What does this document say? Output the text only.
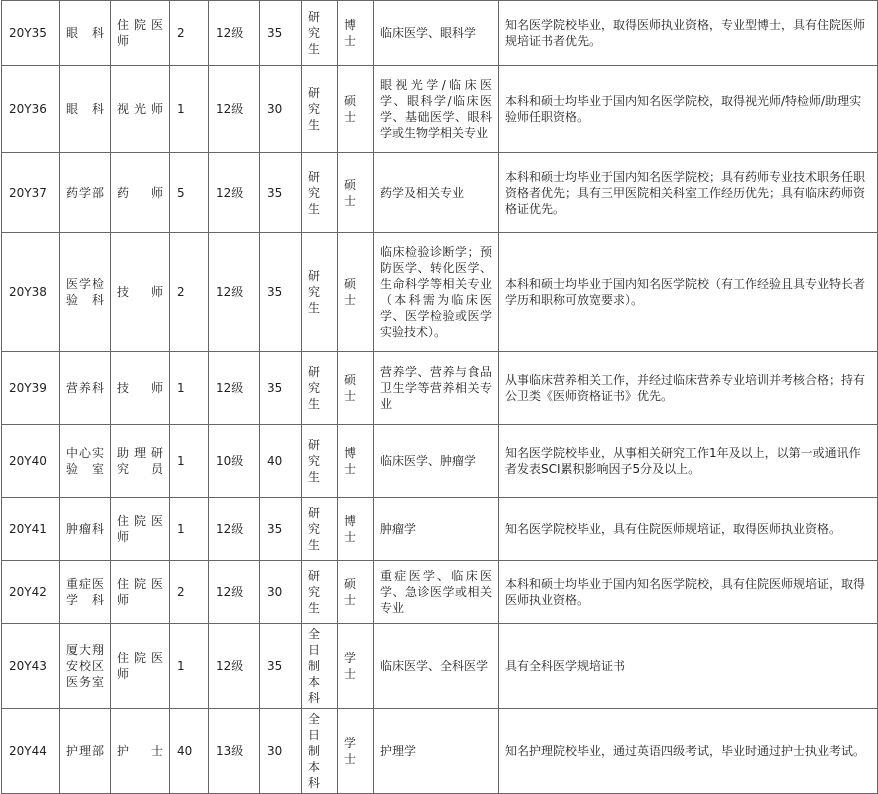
20Y35	眼科	住院医师	2	12级	35	研究生	博士	临床医学、眼科学	知名医学院校毕业，取得医师执业资格，专业型博士，具有住院医师规培证书者优先。
20Y36	眼科	视光师	1	12级	30	研究生	硕士	眼视光学/临床医学、眼科学/临床医学、基础医学、眼科学或生物学相关专业	本科和硕士均毕业于国内知名医学院校，取得视光师/特检师/助理实验师任职资格。
20Y37	药学部	药师	5	12级	35	研究生	硕士	药学及相关专业	本科和硕士均毕业于国内知名医学院校；具有药师专业技术职务任职资格者优先；具有三甲医院相关科室工作经历优先；具有临床药师资格证优先。
20Y38	医学检验科	技师	2	12级	35	研究生	硕士	临床检验诊断学；预防医学、转化医学、生命科学等相关专业（本科需为临床医学、医学检验或医学实验技术）。	本科和硕士均毕业于国内知名医学院校（有工作经验且具专业特长者学历和职称可放宽要求）。
20Y39	营养科	技师	1	12级	35	研究生	硕士	营养学、营养与食品卫生学等营养相关专业	从事临床营养相关工作，并经过临床营养专业培训并考核合格；持有公卫类《医师资格证书》优先。
20Y40	中心实验室	助理研究员	1	10级	40	研究生	博士	临床医学、肿瘤学	知名医学院校毕业，从事相关研究工作1年及以上，以第一或通讯作者发表SCI累积影响因子5分及以上。
20Y41	肿瘤科	住院医师	1	12级	35	研究生	博士	肿瘤学	知名医学院校毕业，具有住院医师规培证，取得医师执业资格。
20Y42	重症医学科	住院医师	2	12级	30	研究生	硕士	重症医学、临床医学、急诊医学或相关专业	本科和硕士均毕业于国内知名医学院校，具有住院医师规培证，取得医师执业资格。
20Y43	厦大翔安校区医务室	住院医师	1	12级	35	全日制本科	学士	临床医学、全科医学	具有全科医学规培证书
20Y44	护理部	护士	40	13级	30	全日制本科	学士	护理学	知名护理院校毕业，通过英语四级考试，毕业时通过护士执业考试。
